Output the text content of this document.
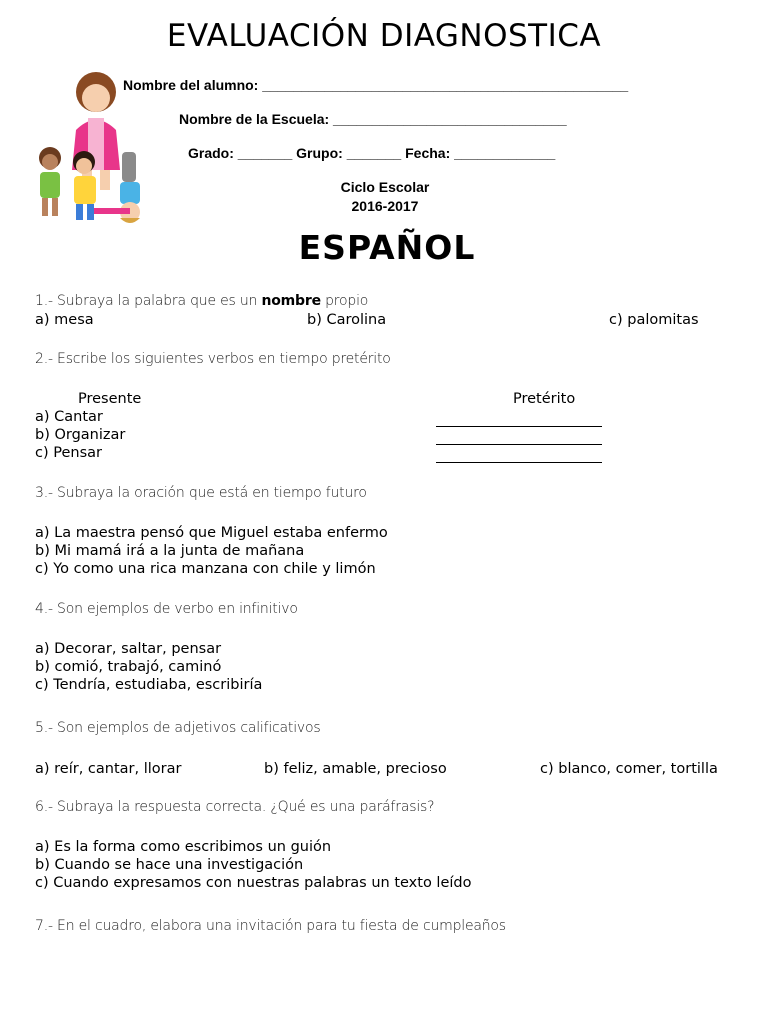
EVALUACIÓN DIAGNOSTICA
Nombre del alumno: _______________________________________________
Nombre de la Escuela: ______________________________
Grado: _______ Grupo: _______ Fecha: _____________
Ciclo Escolar
2016-2017
ESPAÑOL
1.- Subraya la palabra que es un nombre propio
a) mesa	b) Carolina	c) palomitas
2.- Escribe los siguientes verbos en tiempo pretérito
Presente	Pretérito
a) Cantar
b) Organizar
c) Pensar
3.- Subraya la oración que está en tiempo futuro
a) La maestra pensó que Miguel estaba enfermo
b) Mi mamá irá a la junta de mañana
c) Yo como una rica manzana con chile y limón
4.- Son ejemplos de verbo en infinitivo
a) Decorar, saltar, pensar
b) comió, trabajó, caminó
c) Tendría, estudiaba, escribiría
5.- Son ejemplos de adjetivos calificativos
a) reír, cantar, llorar	b) feliz, amable, precioso	c) blanco, comer, tortilla
6.- Subraya la respuesta correcta. ¿Qué es una paráfrasis?
a) Es la forma como escribimos un guión
b) Cuando se hace una investigación
c) Cuando expresamos con nuestras palabras un texto leído
7.- En el cuadro, elabora una invitación para tu fiesta de cumpleaños
